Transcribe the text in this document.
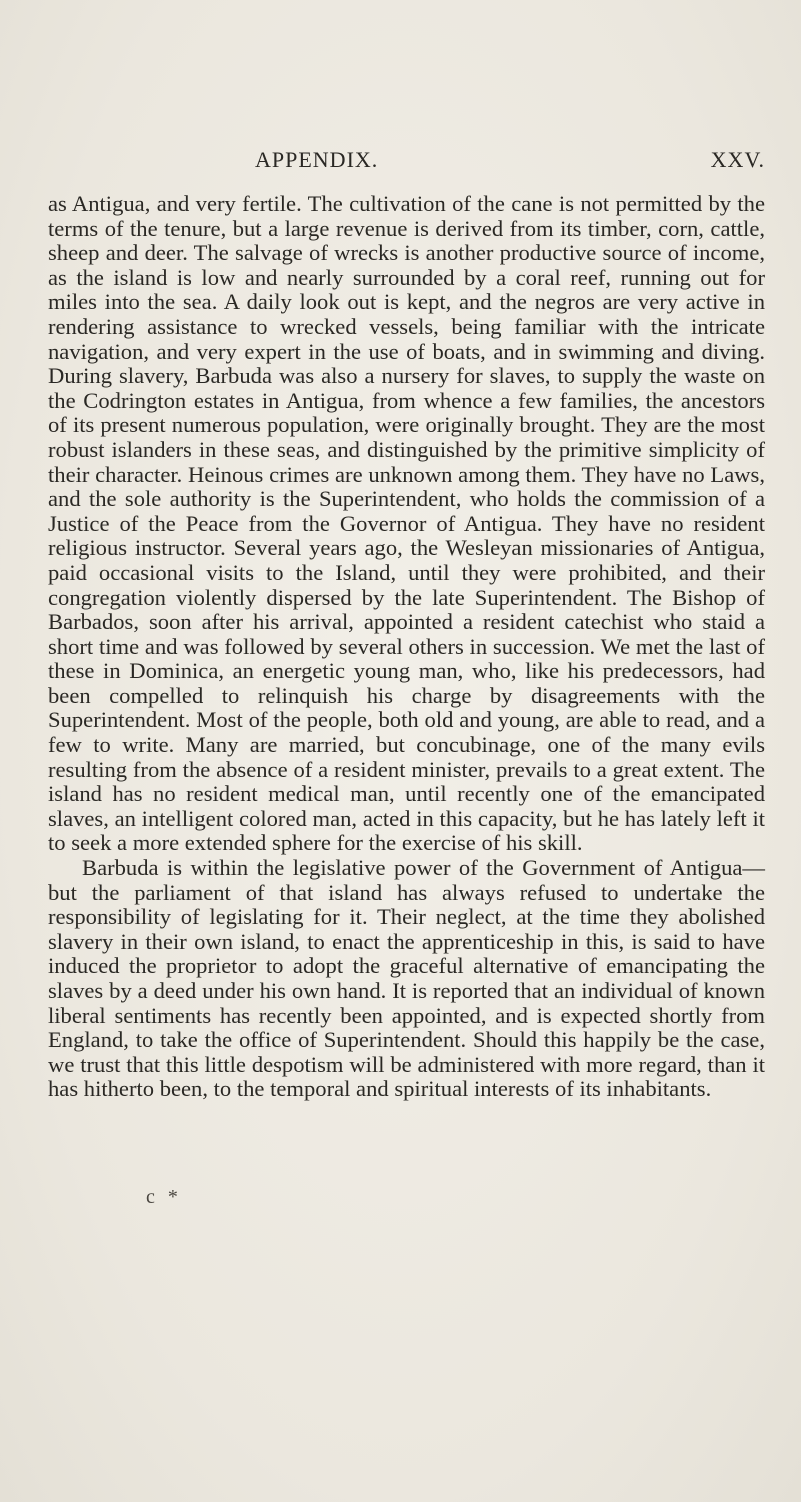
APPENDIX.	XXV.

as Antigua, and very fertile. The cultivation of the cane is not permitted by the terms of the tenure, but a large revenue is derived from its timber, corn, cattle, sheep and deer. The salvage of wrecks is another productive source of income, as the island is low and nearly surrounded by a coral reef, running out for miles into the sea. A daily look out is kept, and the negros are very active in rendering assistance to wrecked vessels, being familiar with the intricate navigation, and very expert in the use of boats, and in swimming and diving. During slavery, Barbuda was also a nursery for slaves, to supply the waste on the Codrington estates in Antigua, from whence a few families, the ancestors of its present numerous population, were originally brought. They are the most robust islanders in these seas, and distinguished by the primitive simplicity of their character. Heinous crimes are unknown among them. They have no Laws, and the sole authority is the Superintendent, who holds the commission of a Justice of the Peace from the Governor of Antigua. They have no resident religious instructor. Several years ago, the Wesleyan missionaries of Antigua, paid occasional visits to the Island, until they were prohibited, and their congregation violently dispersed by the late Superintendent. The Bishop of Barbados, soon after his arrival, appointed a resident catechist who staid a short time and was followed by several others in succession. We met the last of these in Dominica, an energetic young man, who, like his predecessors, had been compelled to relinquish his charge by disagreements with the Superintendent. Most of the people, both old and young, are able to read, and a few to write. Many are married, but concubinage, one of the many evils resulting from the absence of a resident minister, prevails to a great extent. The island has no resident medical man, until recently one of the emancipated slaves, an intelligent colored man, acted in this capacity, but he has lately left it to seek a more extended sphere for the exercise of his skill.

Barbuda is within the legislative power of the Government of Antigua—but the parliament of that island has always refused to undertake the responsibility of legislating for it. Their neglect, at the time they abolished slavery in their own island, to enact the apprenticeship in this, is said to have induced the proprietor to adopt the graceful alternative of emancipating the slaves by a deed under his own hand. It is reported that an individual of known liberal sentiments has recently been appointed, and is expected shortly from England, to take the office of Superintendent. Should this happily be the case, we trust that this little despotism will be administered with more regard, than it has hitherto been, to the temporal and spiritual interests of its inhabitants.

c *
